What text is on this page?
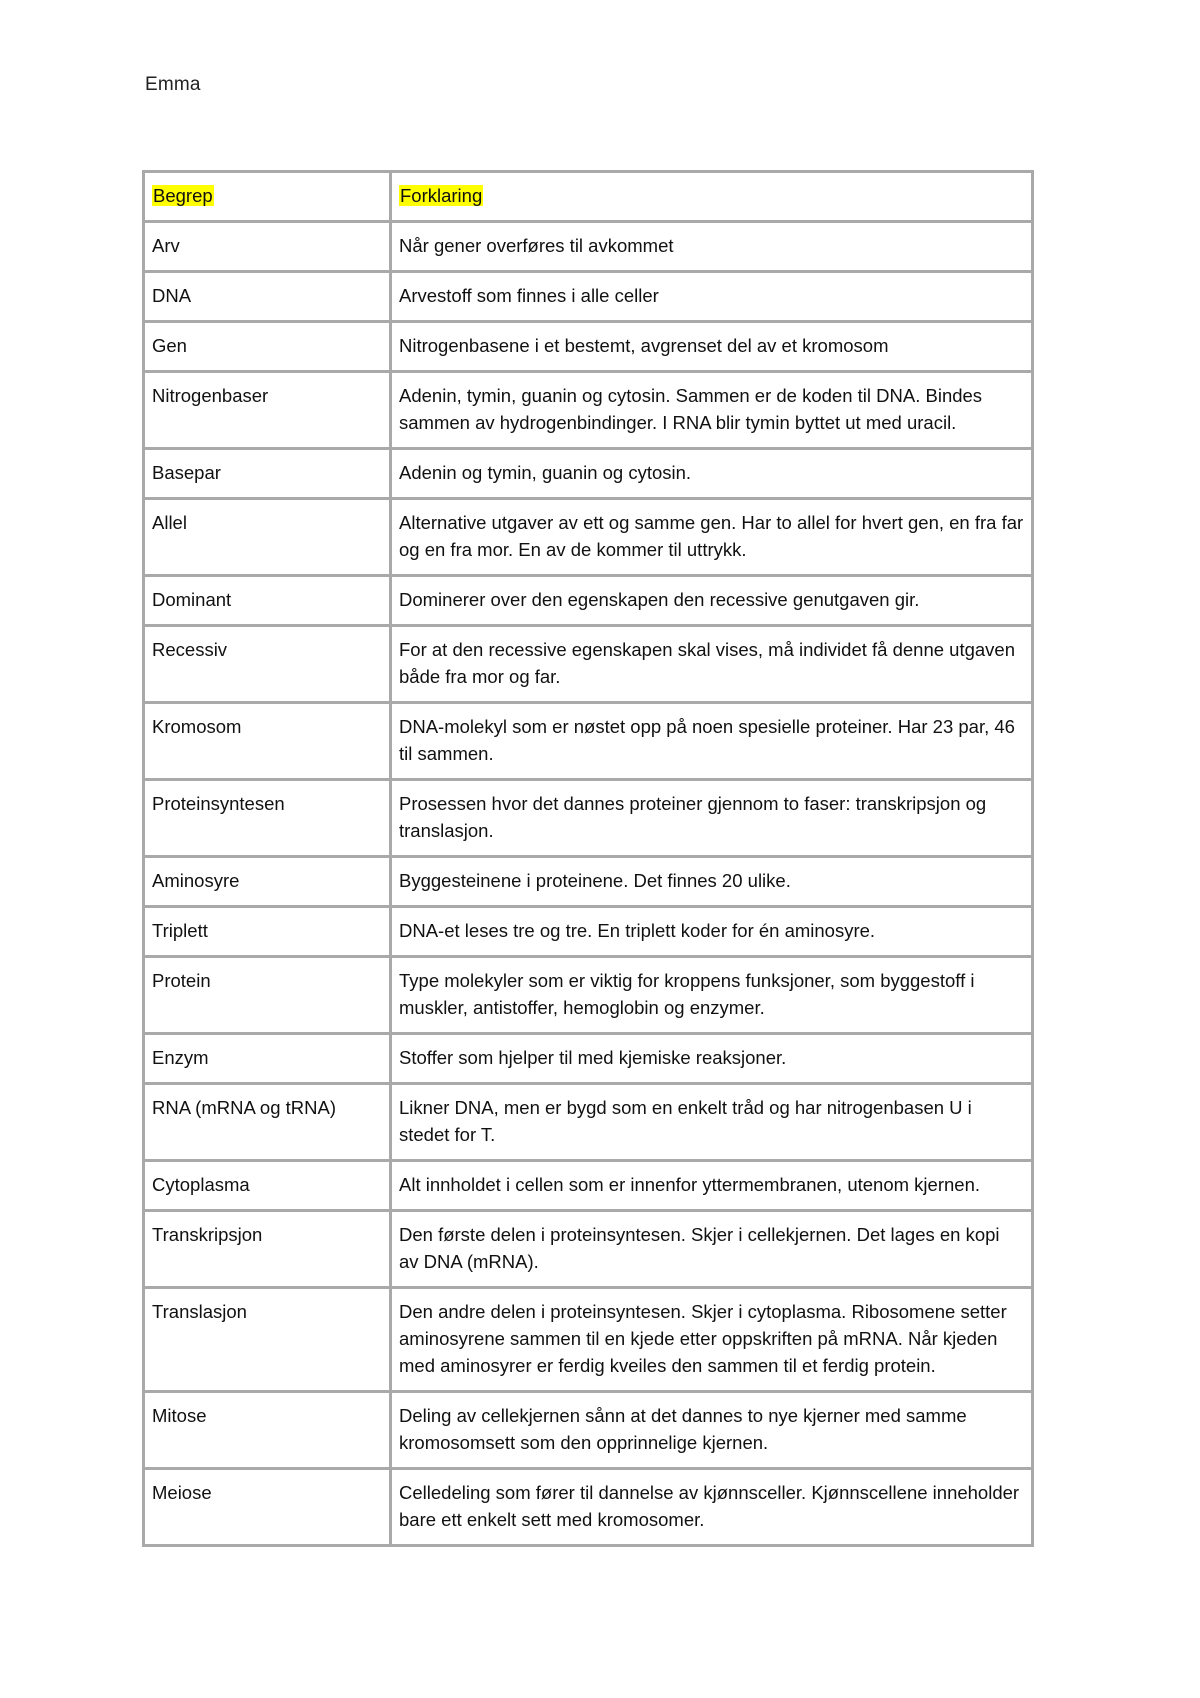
Emma
Begrep	Forklaring
Arv	Når gener overføres til avkommet
DNA	Arvestoff som finnes i alle celler
Gen	Nitrogenbasene i et bestemt, avgrenset del av et kromosom
Nitrogenbaser	Adenin, tymin, guanin og cytosin. Sammen er de koden til DNA. Bindes sammen av hydrogenbindinger. I RNA blir tymin byttet ut med uracil.
Basepar	Adenin og tymin, guanin og cytosin.
Allel	Alternative utgaver av ett og samme gen. Har to allel for hvert gen, en fra far og en fra mor. En av de kommer til uttrykk.
Dominant	Dominerer over den egenskapen den recessive genutgaven gir.
Recessiv	For at den recessive egenskapen skal vises, må individet få denne utgaven både fra mor og far.
Kromosom	DNA-molekyl som er nøstet opp på noen spesielle proteiner. Har 23 par, 46 til sammen.
Proteinsyntesen	Prosessen hvor det dannes proteiner gjennom to faser: transkripsjon og translasjon.
Aminosyre	Byggesteinene i proteinene. Det finnes 20 ulike.
Triplett	DNA-et leses tre og tre. En triplett koder for én aminosyre.
Protein	Type molekyler som er viktig for kroppens funksjoner, som byggestoff i muskler, antistoffer, hemoglobin og enzymer.
Enzym	Stoffer som hjelper til med kjemiske reaksjoner.
RNA (mRNA og tRNA)	Likner DNA, men er bygd som en enkelt tråd og har nitrogenbasen U i stedet for T.
Cytoplasma	Alt innholdet i cellen som er innenfor yttermembranen, utenom kjernen.
Transkripsjon	Den første delen i proteinsyntesen. Skjer i cellekjernen. Det lages en kopi av DNA (mRNA).
Translasjon	Den andre delen i proteinsyntesen. Skjer i cytoplasma. Ribosomene setter aminosyrene sammen til en kjede etter oppskriften på mRNA. Når kjeden med aminosyrer er ferdig kveiles den sammen til et ferdig protein.
Mitose	Deling av cellekjernen sånn at det dannes to nye kjerner med samme kromosomsett som den opprinnelige kjernen.
Meiose	Celledeling som fører til dannelse av kjønnsceller. Kjønnscellene inneholder bare ett enkelt sett med kromosomer.
